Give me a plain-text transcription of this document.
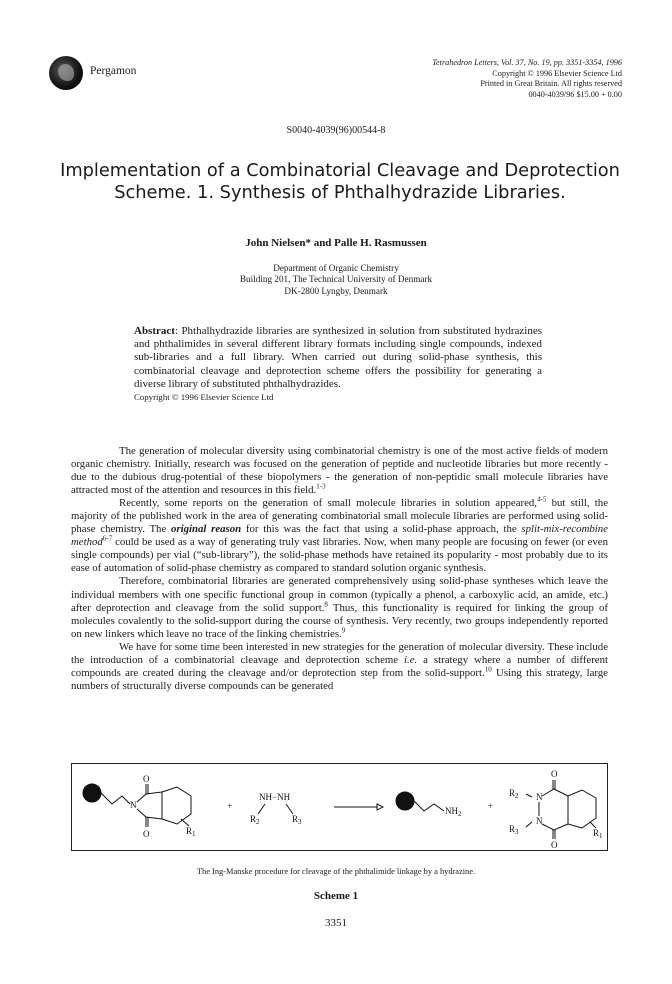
Pergamon
Tetrahedron Letters, Vol. 37, No. 19, pp. 3351-3354, 1996
Copyright © 1996 Elsevier Science Ltd
Printed in Great Britain. All rights reserved
0040-4039/96 $15.00 + 0.00
S0040-4039(96)00544-8
Implementation of a Combinatorial Cleavage and Deprotection
Scheme. 1. Synthesis of Phthalhydrazide Libraries.
John Nielsen* and Palle H. Rasmussen
Department of Organic Chemistry
Building 201, The Technical University of Denmark
DK-2800 Lyngby, Denmark
Abstract: Phthalhydrazide libraries are synthesized in solution from substituted hydrazines and phthalimides in several different library formats including single compounds, indexed sub-libraries and a full library. When carried out during solid-phase synthesis, this combinatorial cleavage and deprotection scheme offers the possibility for generating a diverse library of substituted phthalhydrazides.
Copyright © 1996 Elsevier Science Ltd

The generation of molecular diversity using combinatorial chemistry is one of the most active fields of modern organic chemistry. Initially, research was focused on the generation of peptide and nucleotide libraries but more recently - due to the dubious drug-potential of these biopolymers - the generation of non-peptidic small molecule libraries have attracted most of the attention and resources in this field.$^{1-3}$

Recently, some reports on the generation of small molecule libraries in solution appeared,$^{4-5}$ but still, the majority of the published work in the area of generating combinatorial small molecule libraries are performed using solid-phase chemistry. The original reason for this was the fact that using a solid-phase approach, the split-mix-recombine method$^{6-7}$ could be used as a way of generating truly vast libraries. Now, when many people are focusing on fewer (or even single compounds) per vial (“sub-library”), the solid-phase methods have retained its popularity - most probably due to its ease of automation of solid-phase chemistry as compared to standard solution organic synthesis.

Therefore, combinatorial libraries are generated comprehensively using solid-phase syntheses which leave the individual members with one specific functional group in common (typically a phenol, a carboxylic acid, an amide, etc.) after deprotection and cleavage from the solid support.$^8$ Thus, this functionality is required for linking the group of molecules covalently to the solid-support during the course of synthesis. Very recently, two groups independently reported on new linkers which leave no trace of the linking chemistries.$^9$

We have for some time been interested in new strategies for the generation of molecular diversity. These include the introduction of a combinatorial cleavage and deprotection scheme i.e. a strategy where a number of different compounds are created during the cleavage and/or deprotection step from the solid-support.$^{10}$ Using this strategy, large numbers of structurally diverse compounds can be generated

N
O
O	$R_1$
+
NH−NH
$R_2$	$R_3$
$NH_2$
+
O
N
N
O
$R_2$
$R_3$	$R_1$
The Ing-Manske procedure for cleavage of the phthalimide linkage by a hydrazine.
Scheme 1
3351
